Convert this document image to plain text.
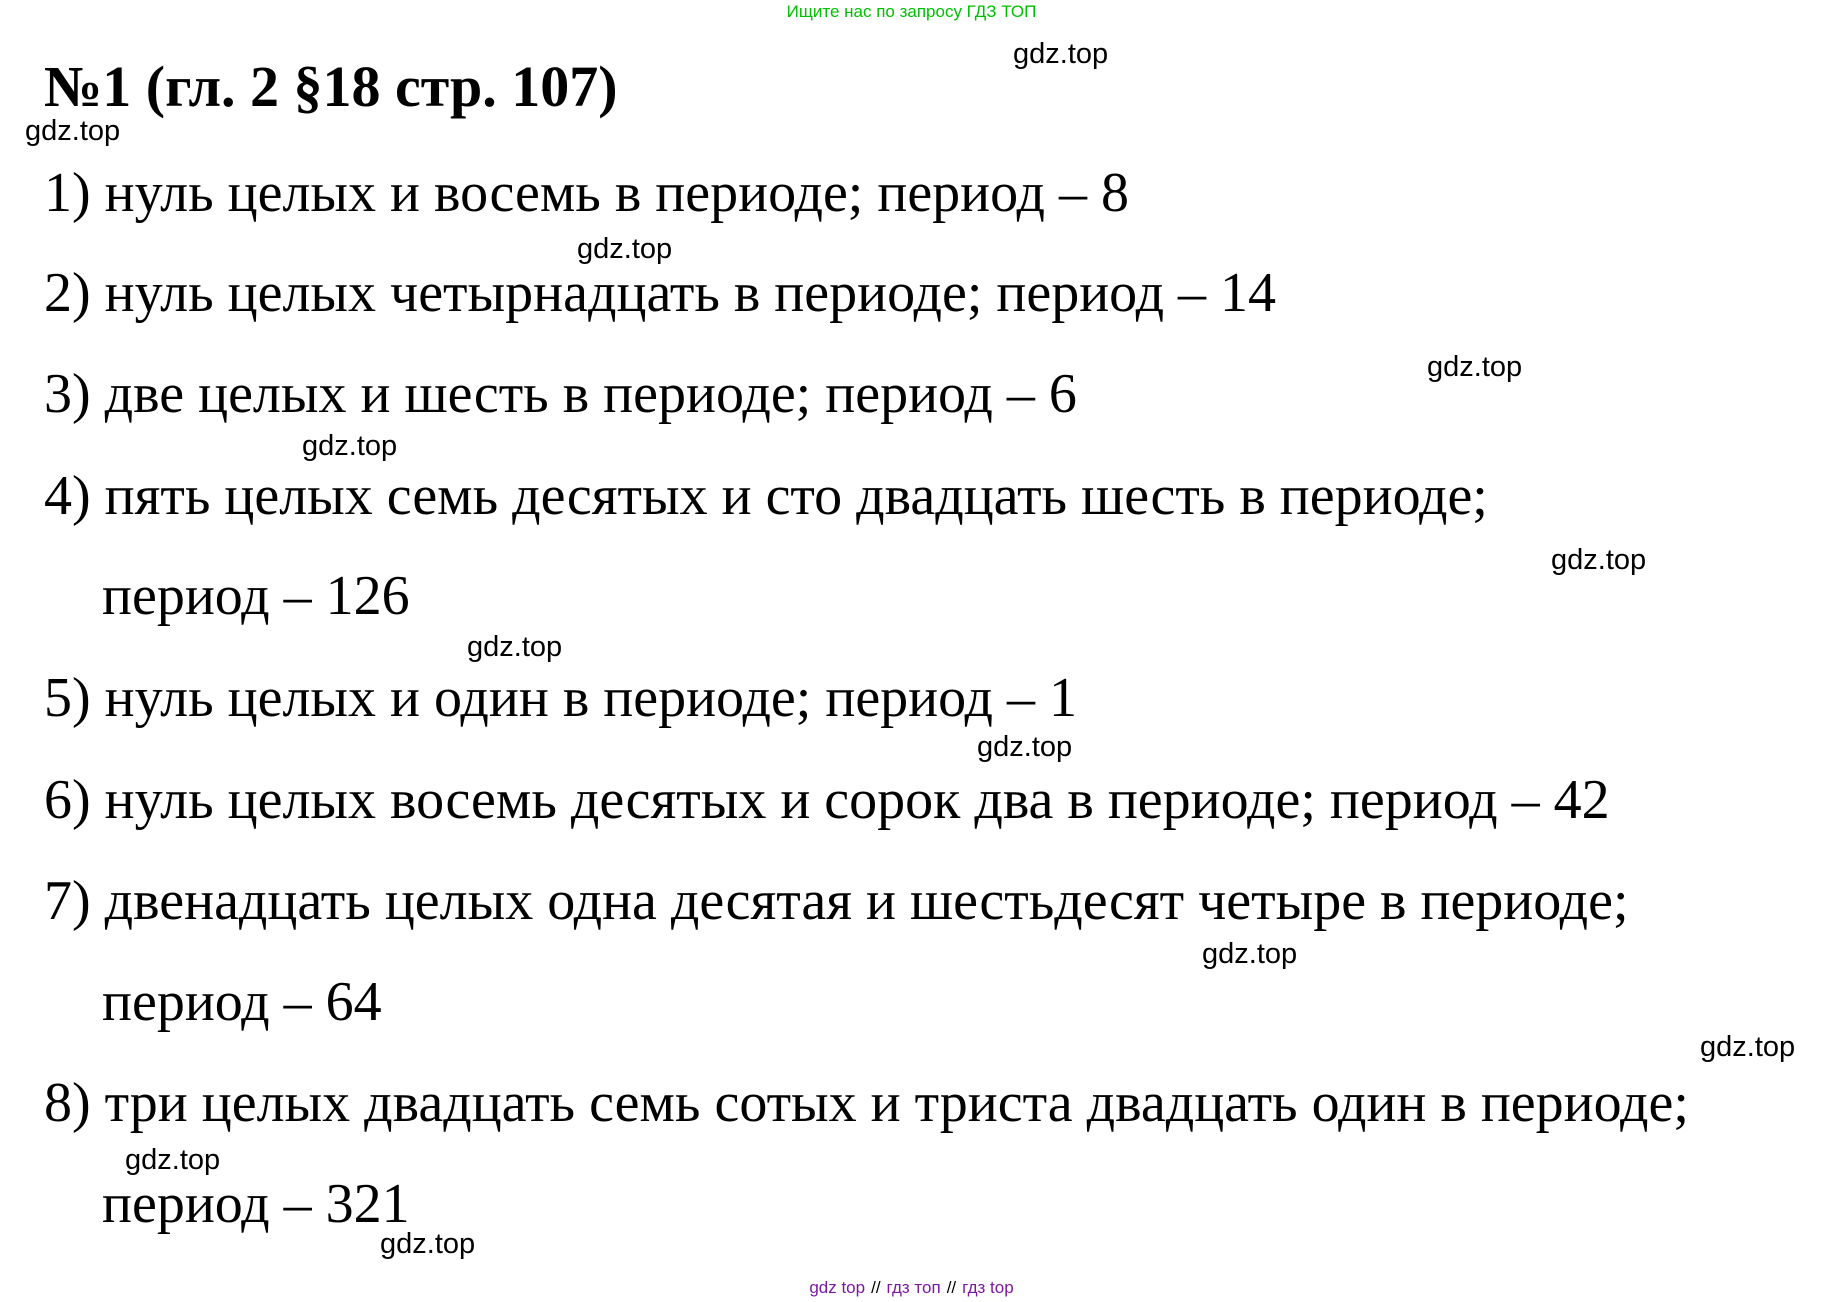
Ищите нас по запросу ГДЗ ТОП
№1 (гл. 2 §18 стр. 107)
1) нуль целых и восемь в периоде; период – 8
2) нуль целых четырнадцать в периоде; период – 14
3) две целых и шесть в периоде; период – 6
4) пять целых семь десятых и сто двадцать шесть в периоде;
период – 126
5) нуль целых и один в периоде; период – 1
6) нуль целых восемь десятых и сорок два в периоде; период – 42
7) двенадцать целых одна десятая и шестьдесят четыре в периоде;
период – 64
8) три целых двадцать семь сотых и триста двадцать один в периоде;
период – 321
gdz.top
gdz.top
gdz.top
gdz.top
gdz.top
gdz.top
gdz.top
gdz.top
gdz.top
gdz.top
gdz.top
gdz.top
gdz top // гдз топ // гдз top
